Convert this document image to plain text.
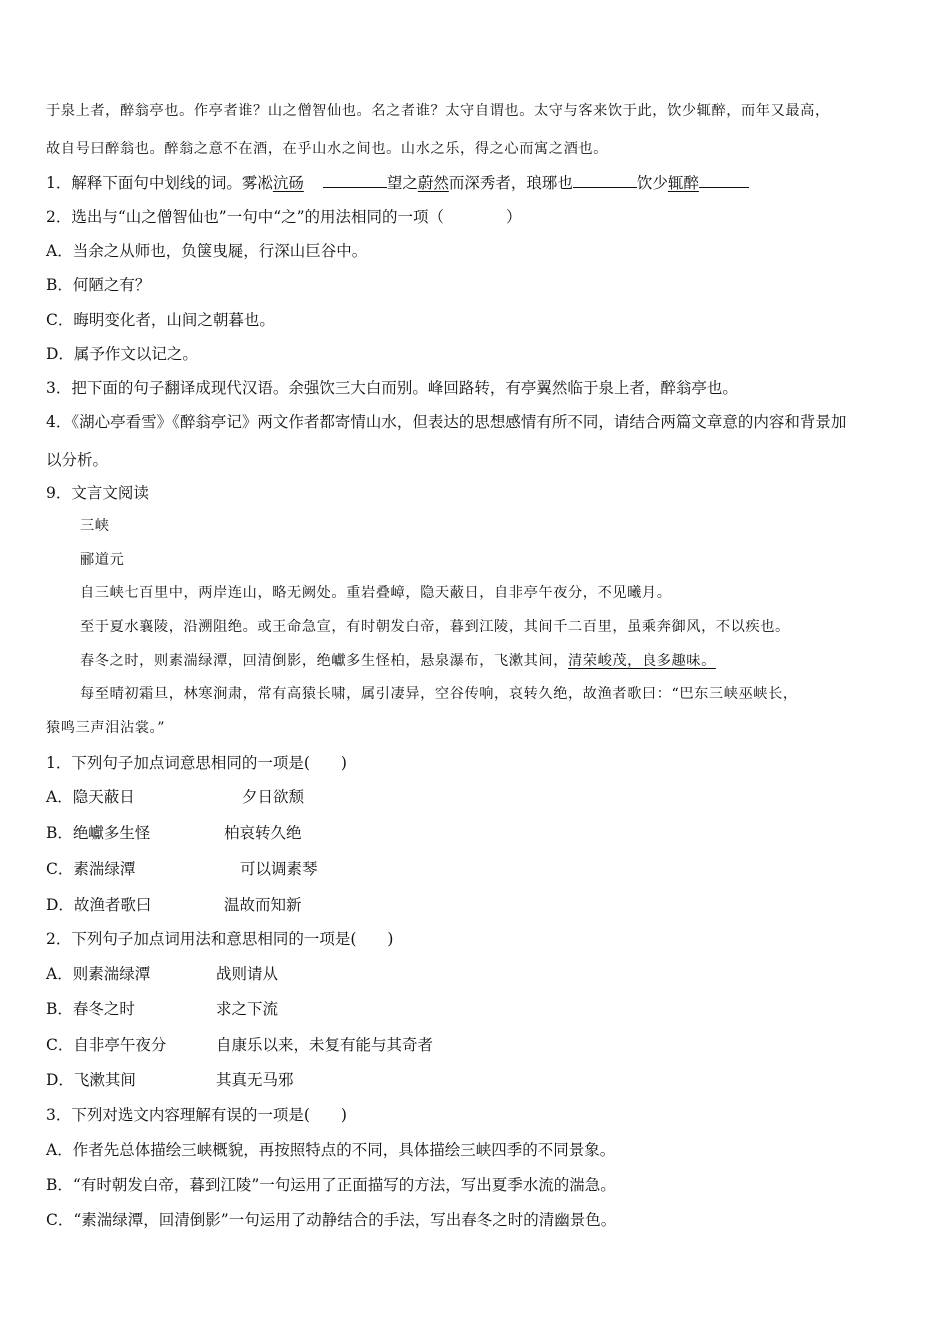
于泉上者，醉翁亭也。作亭者谁？山之僧智仙也。名之者谁？太守自谓也。太守与客来饮于此，饮少辄醉，而年又最高，
故自号曰醉翁也。醉翁之意不在酒，在乎山水之间也。山水之乐，得之心而寓之酒也。
1．解释下面句中划线的词。雾凇沆砀	望之蔚然而深秀者，琅琊也	饮少辄醉
2．选出与“山之僧智仙也”一句中“之”的用法相同的一项（　　　　）
A．当余之从师也，负箧曳屣，行深山巨谷中。
B．何陋之有？
C．晦明变化者，山间之朝暮也。
D．属予作文以记之。
3．把下面的句子翻译成现代汉语。余强饮三大白而别。峰回路转，有亭翼然临于泉上者，醉翁亭也。
4．《湖心亭看雪》《醉翁亭记》两文作者都寄情山水，但表达的思想感情有所不同，请结合两篇文章意的内容和背景加
以分析。
9．文言文阅读
三峡
郦道元
自三峡七百里中，两岸连山，略无阙处。重岩叠嶂，隐天蔽日，自非亭午夜分，不见曦月。
至于夏水襄陵，沿溯阻绝。或王命急宣，有时朝发白帝，暮到江陵，其间千二百里，虽乘奔御风，不以疾也。
春冬之时，则素湍绿潭，回清倒影，绝巘多生怪柏，悬泉瀑布，飞漱其间，清荣峻茂，良多趣味。
每至晴初霜旦，林寒涧肃，常有高猿长啸，属引凄异，空谷传响，哀转久绝，故渔者歌曰：“巴东三峡巫峡长，
猿鸣三声泪沾裳。”
1．下列句子加点词意思相同的一项是(　　)
A．隐天蔽日	夕日欲颓
B．绝巘多生怪	柏哀转久绝
C．素湍绿潭	可以调素琴
D．故渔者歌曰	温故而知新
2．下列句子加点词用法和意思相同的一项是(　　)
A．则素湍绿潭	战则请从
B．春冬之时	求之下流
C．自非亭午夜分	自康乐以来，未复有能与其奇者
D．飞漱其间	其真无马邪
3．下列对选文内容理解有误的一项是(　　)
A．作者先总体描绘三峡概貌，再按照特点的不同，具体描绘三峡四季的不同景象。
B．“有时朝发白帝，暮到江陵”一句运用了正面描写的方法，写出夏季水流的湍急。
C．“素湍绿潭，回清倒影”一句运用了动静结合的手法，写出春冬之时的清幽景色。
